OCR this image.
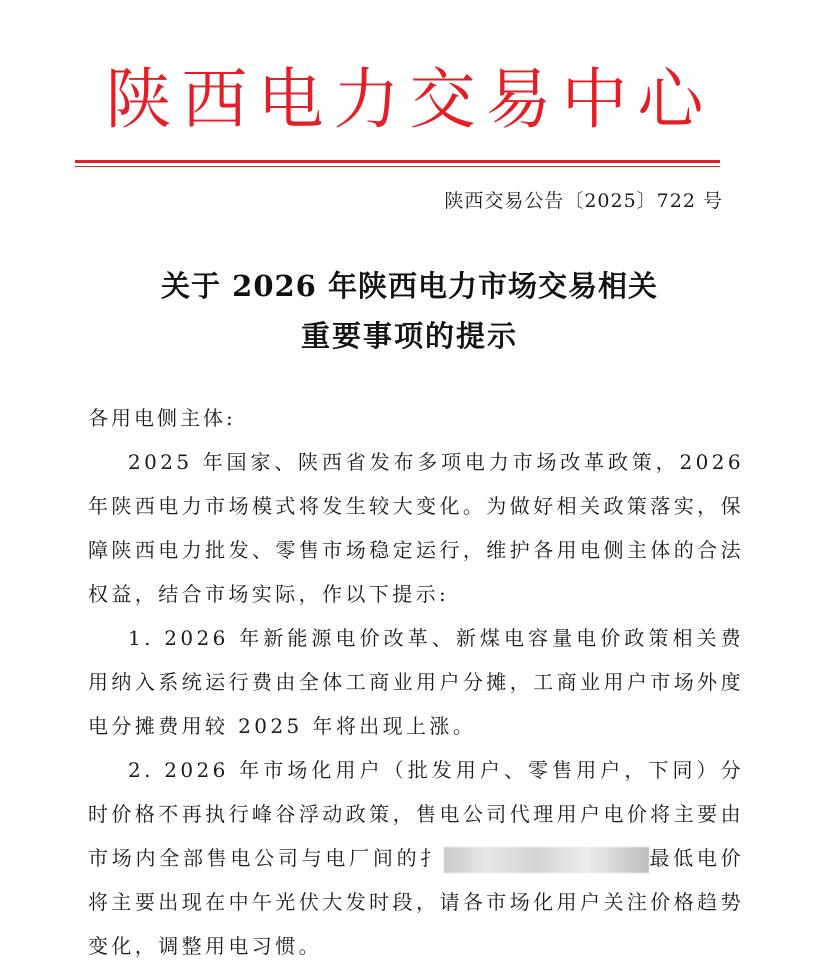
陕西电力交易中心
陕西交易公告〔2025〕722 号
关于 2026 年陕西电力市场交易相关
重要事项的提示
各用电侧主体:

2025 年国家、陕西省发布多项电力市场改革政策，2026 年陕西电力市场模式将发生较大变化。为做好相关政策落实，保障陕西电力批发、零售市场稳定运行，维护各用电侧主体的合法权益，结合市场实际，作以下提示:

1. 2026 年新能源电价改革、新煤电容量电价政策相关费用纳入系统运行费由全体工商业用户分摊，工商业用户市场外度电分摊费用较 2025 年将出现上涨。

2. 2026 年市场化用户（批发用户、零售用户，下同）分时价格不再执行峰谷浮动政策，售电公司代理用户电价将主要由市场内全部售电公司与电厂间的扌	最低电价将主要出现在中午光伏大发时段，请各市场化用户关注价格趋势变化，调整用电习惯。
